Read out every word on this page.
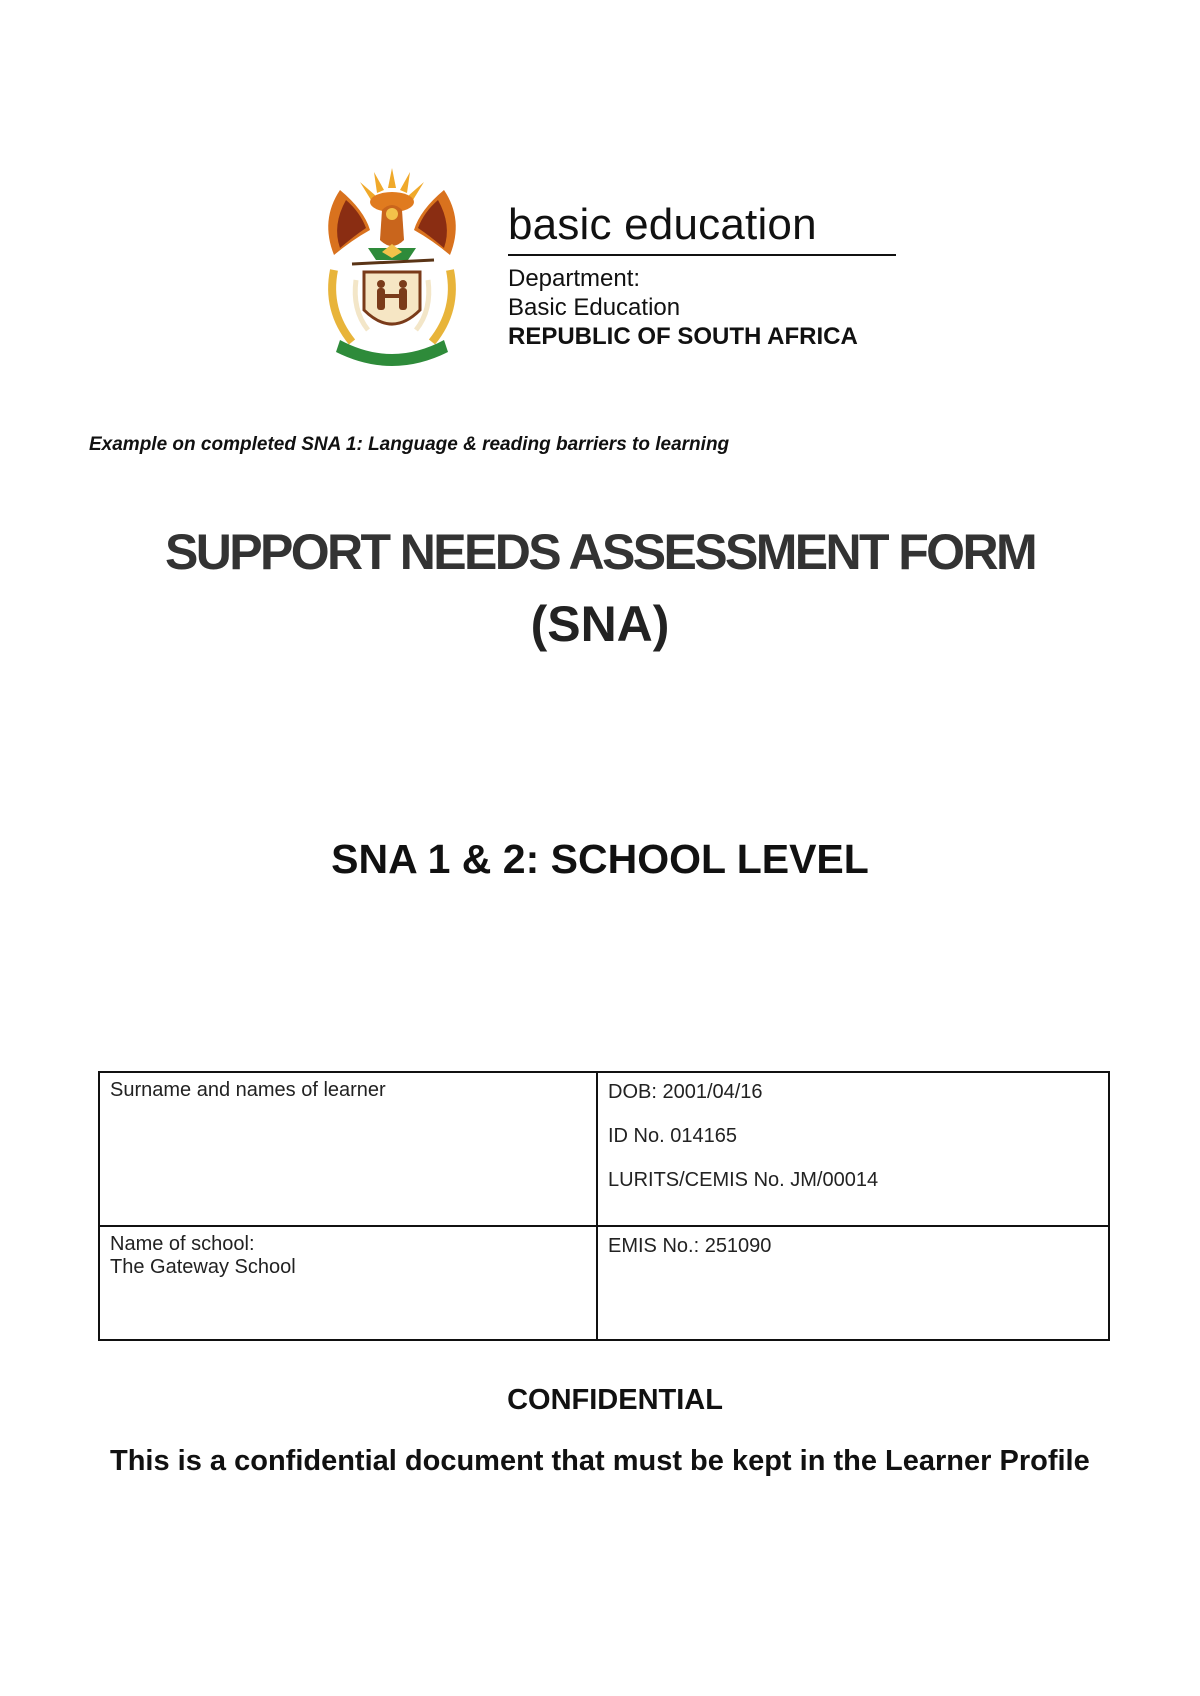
basic education
Department:
Basic Education
REPUBLIC OF SOUTH AFRICA
Example on completed SNA 1: Language & reading barriers to learning
SUPPORT NEEDS ASSESSMENT FORM
(SNA)
SNA 1 & 2: SCHOOL LEVEL
Surname and names of learner	DOB: 2001/04/16
ID No. 014165
LURITS/CEMIS No. JM/00014

Name of school:
The Gateway School	EMIS No.: 251090
CONFIDENTIAL
This is a confidential document that must be kept in the Learner Profile
